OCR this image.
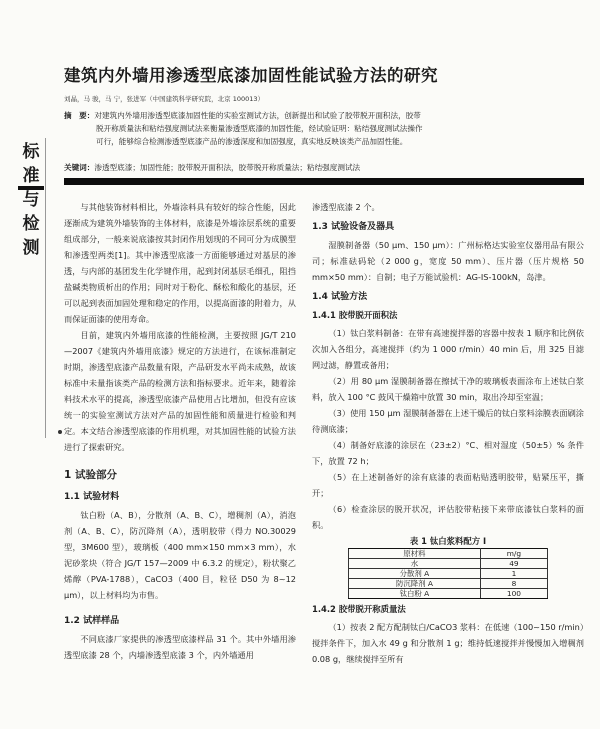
建筑内外墙用渗透型底漆加固性能试验方法的研究
刘晶，马 骏，马 宁，张进军（中国建筑科学研究院，北京 100013）
摘　要：对建筑内外墙用渗透型底漆加固性能的实验室测试方法，创新提出和试验了胶带脱开面积法，胶带
脱开称质量法和粘结强度测试法来衡量渗透型底漆的加固性能，经试验证明：粘结强度测试法操作
可行，能够综合检测渗透型底漆产品的渗透深度和加固强度，真实地反映该类产品加固性能。
关键词：渗透型底漆；加固性能；胶带脱开面积法，胶带脱开称质量法；粘结强度测试法
标
准
与
检
测

与其他装饰材料相比，外墙涂料具有较好的综合性能，因此逐渐成为建筑外墙装饰的主体材料，底漆是外墙涂层系统的重要组成部分，一般来说底漆按其封闭作用划现的不同可分为成膜型和渗透型两类[1]。其中渗透型底漆一方面能够通过对基层的渗透，与内部的基团发生化学键作用，起到封闭基层毛细孔，阻挡盐碱类物质析出的作用；同时对于粉化、酥松和酸化的基层，还可以起到表面加固处理和稳定的作用，以提高面漆的附着力，从而保证面漆的使用寿命。

目前，建筑内外墙用底漆的性能检测，主要按照 JG/T 210—2007《建筑内外墙用底漆》规定的方法进行，在该标准制定时期，渗透型底漆产品数量有限，产品研发水平尚未成熟，故该标准中未量指该类产品的检测方法和指标要求。近年来，随着涂料技术水平的提高，渗透型底漆产品使用占比增加，但没有应该统一的实验室测试方法对产品的加固性能和质量进行检验和判定。本文结合渗透型底漆的作用机理，对其加固性能的试验方法进行了探索研究。

1 试验部分

1.1 试验材料

钛白粉（A、B），分散剂（A、B、C），增稠剂（A），消泡剂（A、B、C），防沉降剂（A），透明胶带（得力 NO.30029 型，3M600 型），玻璃板（400 mm×150 mm×3 mm），水泥砂浆块（符合 JG/T 157—2009 中 6.3.2 的规定），粉状聚乙烯醇（PVA-1788），CaCO3（400 目，粒径 D50 为 8~12 μm），以上材料均为市售。

1.2 试样样品

不同底漆厂家提供的渗透型底漆样品 31 个。其中外墙用渗透型底漆 28 个，内墙渗透型底漆 3 个，内外墙通用

渗透型底漆 2 个。

1.3 试验设备及器具

湿膜制备器（50 μm、150 μm）：广州标格达实验室仪器用品有限公司；标准砝码轮（2 000 g，宽度 50 mm）、压片器（压片规格 50 mm×50 mm）：自制；电子万能试验机：AG-IS-100kN，岛津。

1.4 试验方法

1.4.1 胶带脱开面积法

（1）钛白浆料制备：在带有高速搅拌器的容器中按表 1 顺序和比例依次加入各组分，高速搅拌（约为 1 000 r/min）40 min 后，用 325 目滤网过滤，静置或备用；

（2）用 80 μm 湿膜制备器在擦拭干净的玻璃板表面涂布上述钛白浆料，放入 100 °C 鼓风干燥箱中放置 30 min，取出冷却至室温；

（3）使用 150 μm 湿膜制备器在上述干燥后的钛白浆料涂膜表面刷涂待测底漆；

（4）制备好底漆的涂层在（23±2）°C、相对湿度（50±5）% 条件下，放置 72 h；

（5）在上述制备好的涂有底漆的表面粘贴透明胶带，贴紧压平，撕开；

（6）检查涂层的脱开状况，评估胶带粘接下来带底漆钛白浆料的面积。

表 1 钛白浆料配方 I
原材料	m/g
水	49
分散剂 A	1
防沉降剂 A	8
钛白粉 A	100

1.4.2 胶带脱开称质量法

（1）按表 2 配方配制钛白/CaCO3 浆料：在低速（100~150 r/min）搅拌条件下，加入水 49 g 和分散剂 1 g；维持低速搅拌并慢慢加入增稠剂 0.08 g，继续搅拌至所有
